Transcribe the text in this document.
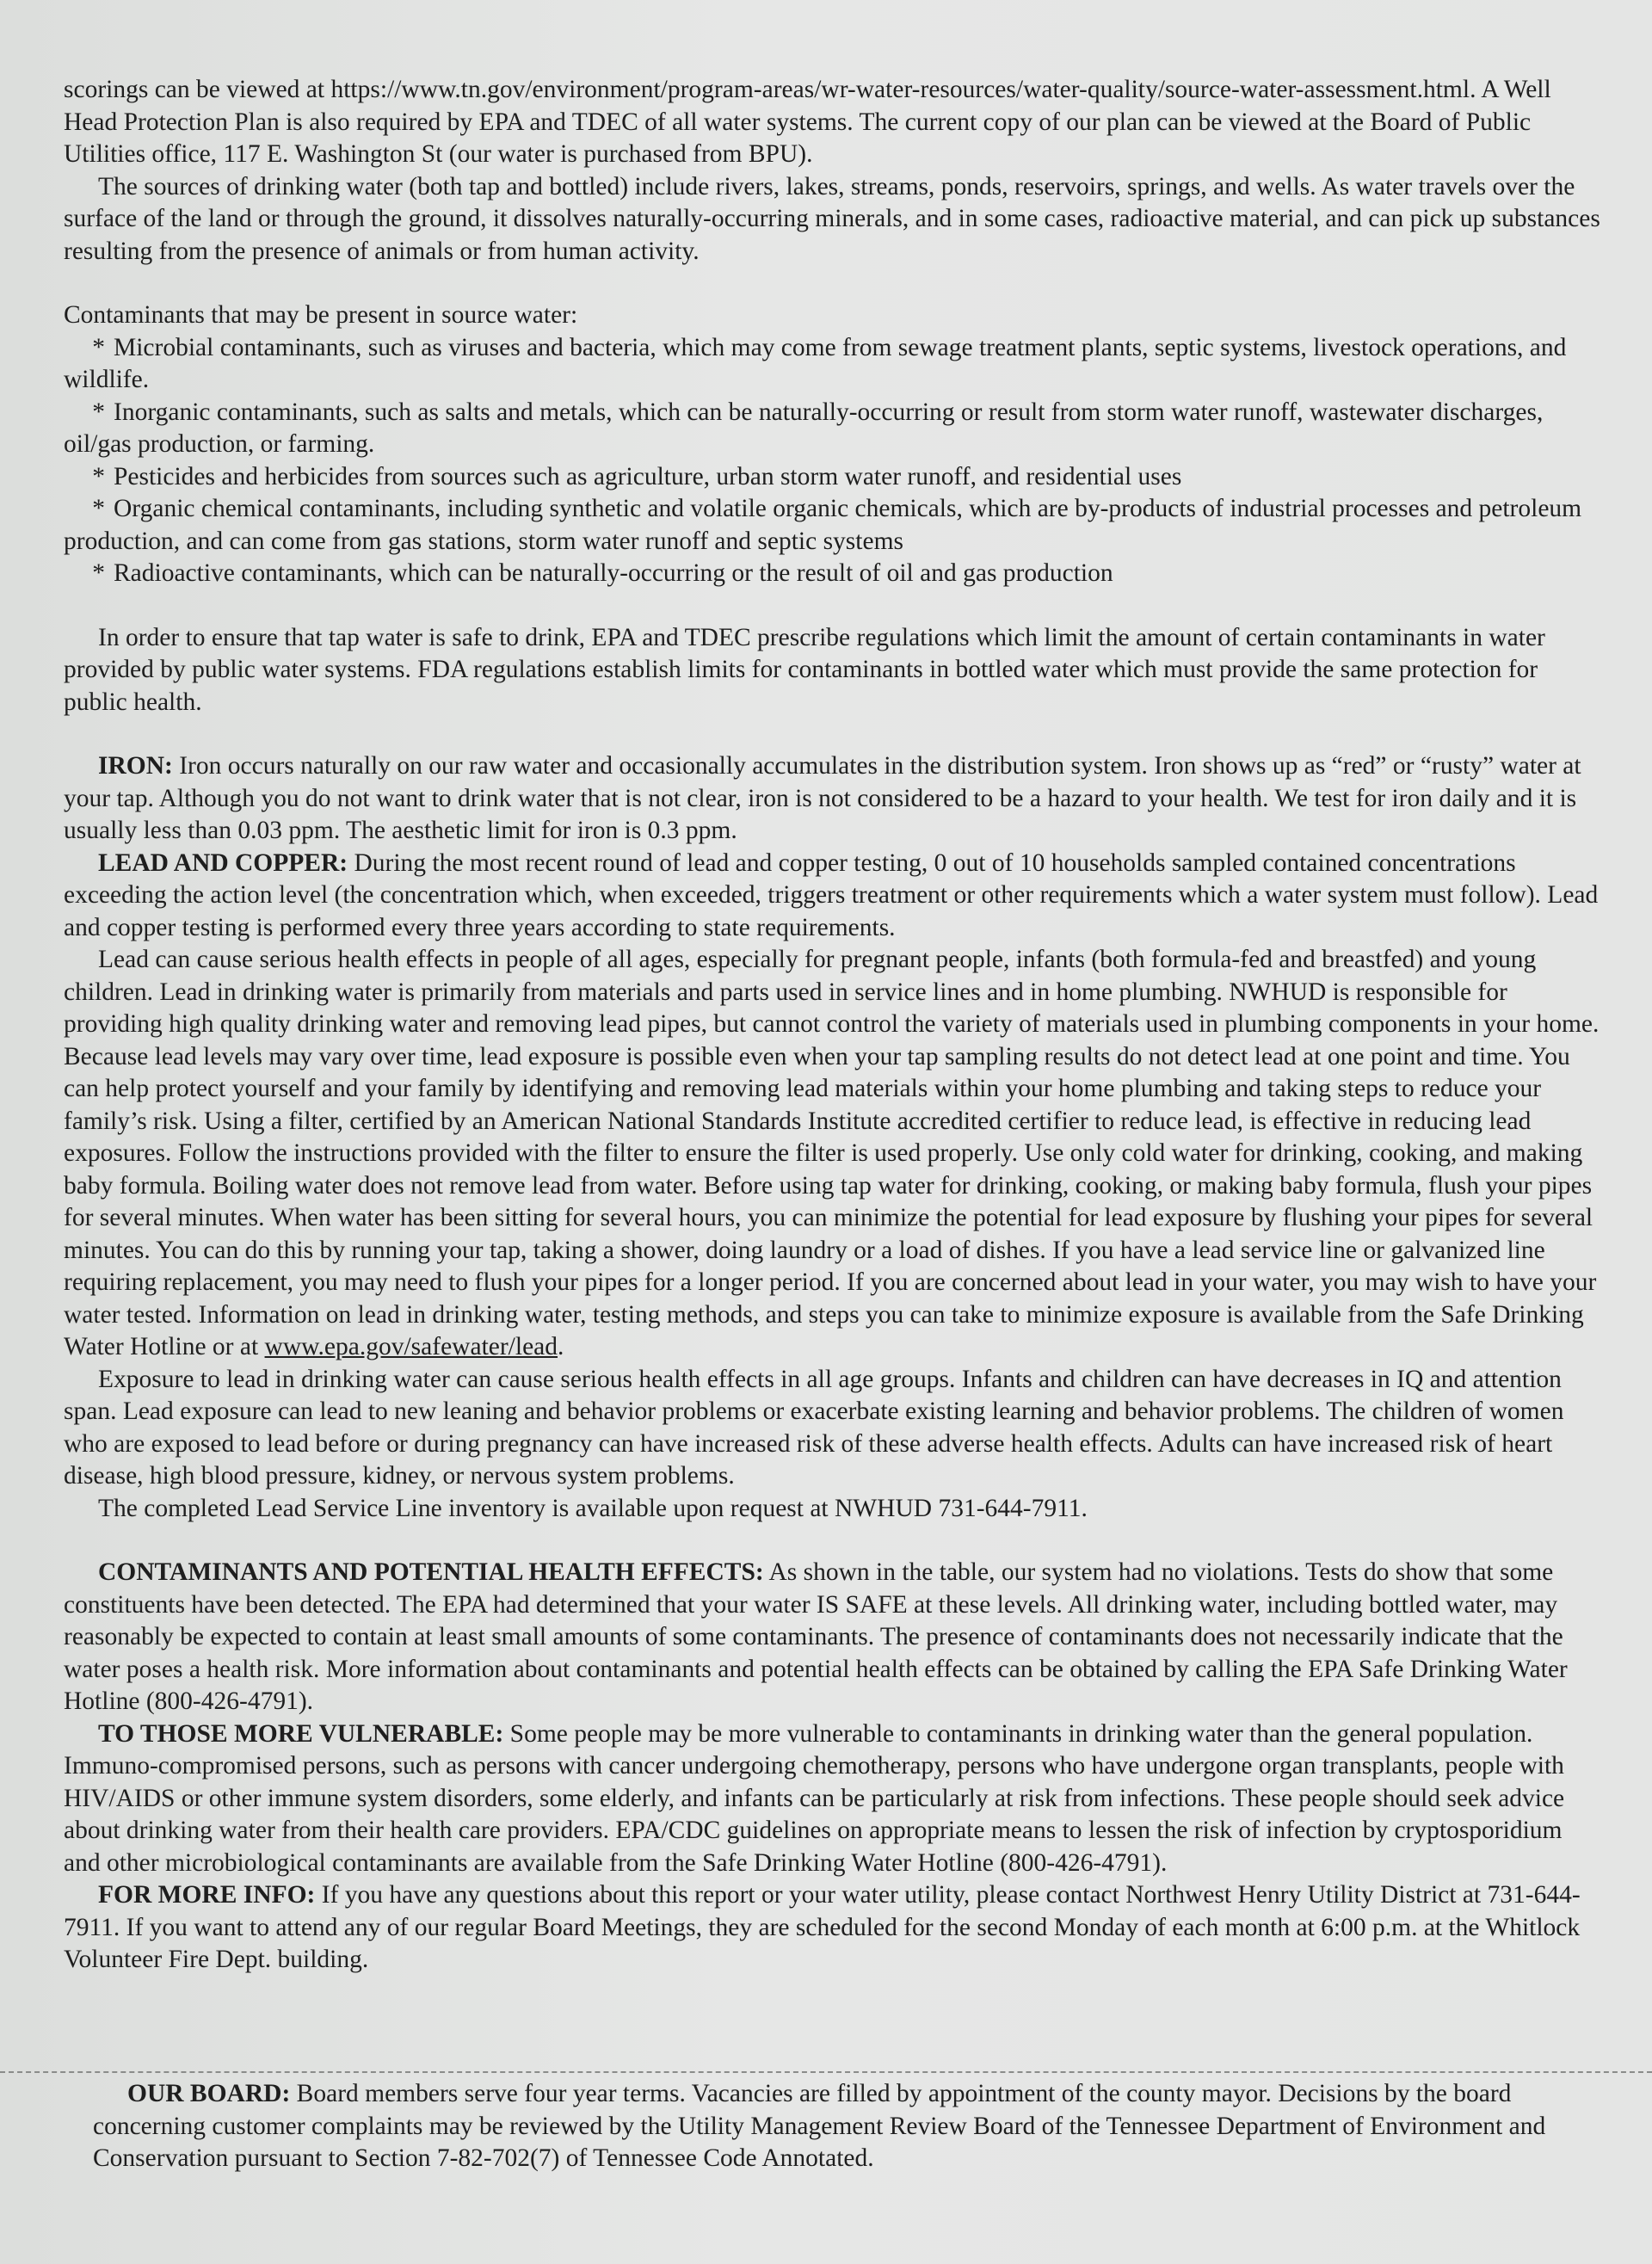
scorings can be viewed at https://www.tn.gov/environment/program-areas/wr-water-resources/water-quality/source-water-assessment.html. A Well Head Protection Plan is also required by EPA and TDEC of all water systems. The current copy of our plan can be viewed at the Board of Public Utilities office, 117 E. Washington St (our water is purchased from BPU).

The sources of drinking water (both tap and bottled) include rivers, lakes, streams, ponds, reservoirs, springs, and wells. As water travels over the surface of the land or through the ground, it dissolves naturally-occurring minerals, and in some cases, radioactive material, and can pick up substances resulting from the presence of animals or from human activity.

Contaminants that may be present in source water:

* Microbial contaminants, such as viruses and bacteria, which may come from sewage treatment plants, septic systems, livestock operations, and wildlife.

* Inorganic contaminants, such as salts and metals, which can be naturally-occurring or result from storm water runoff, wastewater discharges, oil/gas production, or farming.

* Pesticides and herbicides from sources such as agriculture, urban storm water runoff, and residential uses

* Organic chemical contaminants, including synthetic and volatile organic chemicals, which are by-products of industrial processes and petroleum production, and can come from gas stations, storm water runoff and septic systems

* Radioactive contaminants, which can be naturally-occurring or the result of oil and gas production

In order to ensure that tap water is safe to drink, EPA and TDEC prescribe regulations which limit the amount of certain contaminants in water provided by public water systems. FDA regulations establish limits for contaminants in bottled water which must provide the same protection for public health.

IRON: Iron occurs naturally on our raw water and occasionally accumulates in the distribution system. Iron shows up as “red” or “rusty” water at your tap. Although you do not want to drink water that is not clear, iron is not considered to be a hazard to your health. We test for iron daily and it is usually less than 0.03 ppm. The aesthetic limit for iron is 0.3 ppm.

LEAD AND COPPER: During the most recent round of lead and copper testing, 0 out of 10 households sampled contained concentrations exceeding the action level (the concentration which, when exceeded, triggers treatment or other requirements which a water system must follow). Lead and copper testing is performed every three years according to state requirements.

Lead can cause serious health effects in people of all ages, especially for pregnant people, infants (both formula-fed and breastfed) and young children. Lead in drinking water is primarily from materials and parts used in service lines and in home plumbing. NWHUD is responsible for providing high quality drinking water and removing lead pipes, but cannot control the variety of materials used in plumbing components in your home. Because lead levels may vary over time, lead exposure is possible even when your tap sampling results do not detect lead at one point and time. You can help protect yourself and your family by identifying and removing lead materials within your home plumbing and taking steps to reduce your family’s risk. Using a filter, certified by an American National Standards Institute accredited certifier to reduce lead, is effective in reducing lead exposures. Follow the instructions provided with the filter to ensure the filter is used properly. Use only cold water for drinking, cooking, and making baby formula. Boiling water does not remove lead from water. Before using tap water for drinking, cooking, or making baby formula, flush your pipes for several minutes. When water has been sitting for several hours, you can minimize the potential for lead exposure by flushing your pipes for several minutes. You can do this by running your tap, taking a shower, doing laundry or a load of dishes. If you have a lead service line or galvanized line requiring replacement, you may need to flush your pipes for a longer period. If you are concerned about lead in your water, you may wish to have your water tested. Information on lead in drinking water, testing methods, and steps you can take to minimize exposure is available from the Safe Drinking Water Hotline or at www.epa.gov/safewater/lead.

Exposure to lead in drinking water can cause serious health effects in all age groups. Infants and children can have decreases in IQ and attention span. Lead exposure can lead to new leaning and behavior problems or exacerbate existing learning and behavior problems. The children of women who are exposed to lead before or during pregnancy can have increased risk of these adverse health effects. Adults can have increased risk of heart disease, high blood pressure, kidney, or nervous system problems.

The completed Lead Service Line inventory is available upon request at NWHUD 731-644-7911.

CONTAMINANTS AND POTENTIAL HEALTH EFFECTS: As shown in the table, our system had no violations. Tests do show that some constituents have been detected. The EPA had determined that your water IS SAFE at these levels. All drinking water, including bottled water, may reasonably be expected to contain at least small amounts of some contaminants. The presence of contaminants does not necessarily indicate that the water poses a health risk. More information about contaminants and potential health effects can be obtained by calling the EPA Safe Drinking Water Hotline (800-426-4791).

TO THOSE MORE VULNERABLE: Some people may be more vulnerable to contaminants in drinking water than the general population. Immuno-compromised persons, such as persons with cancer undergoing chemotherapy, persons who have undergone organ transplants, people with HIV/AIDS or other immune system disorders, some elderly, and infants can be particularly at risk from infections. These people should seek advice about drinking water from their health care providers. EPA/CDC guidelines on appropriate means to lessen the risk of infection by cryptosporidium and other microbiological contaminants are available from the Safe Drinking Water Hotline (800-426-4791).

FOR MORE INFO: If you have any questions about this report or your water utility, please contact Northwest Henry Utility District at 731-644-7911. If you want to attend any of our regular Board Meetings, they are scheduled for the second Monday of each month at 6:00 p.m. at the Whitlock Volunteer Fire Dept. building.

OUR BOARD: Board members serve four year terms. Vacancies are filled by appointment of the county mayor. Decisions by the board concerning customer complaints may be reviewed by the Utility Management Review Board of the Tennessee Department of Environment and Conservation pursuant to Section 7-82-702(7) of Tennessee Code Annotated.
